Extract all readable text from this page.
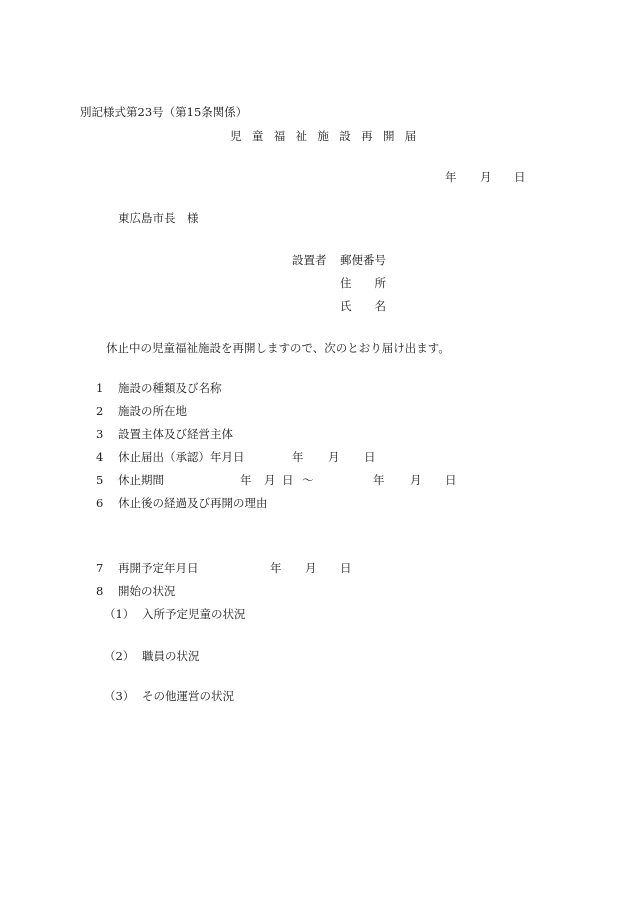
別記様式第23号（第15条関係）
児童福祉施設再開届
年 月 日
東広島市長　様
設置者 郵便番号
住　　所
氏　　名
休止中の児童福祉施設を再開しますので、次のとおり届け出ます。
1 施設の種類及び名称
2 施設の所在地
3 設置主体及び経営主体
4 休止届出（承認）年月日	年 月 日
5 休止期間	年 月 日 ～	年 月 日
6 休止後の経過及び再開の理由
7 再開予定年月日	年 月 日
8 開始の状況
（1） 入所予定児童の状況
（2） 職員の状況
（3） その他運営の状況
